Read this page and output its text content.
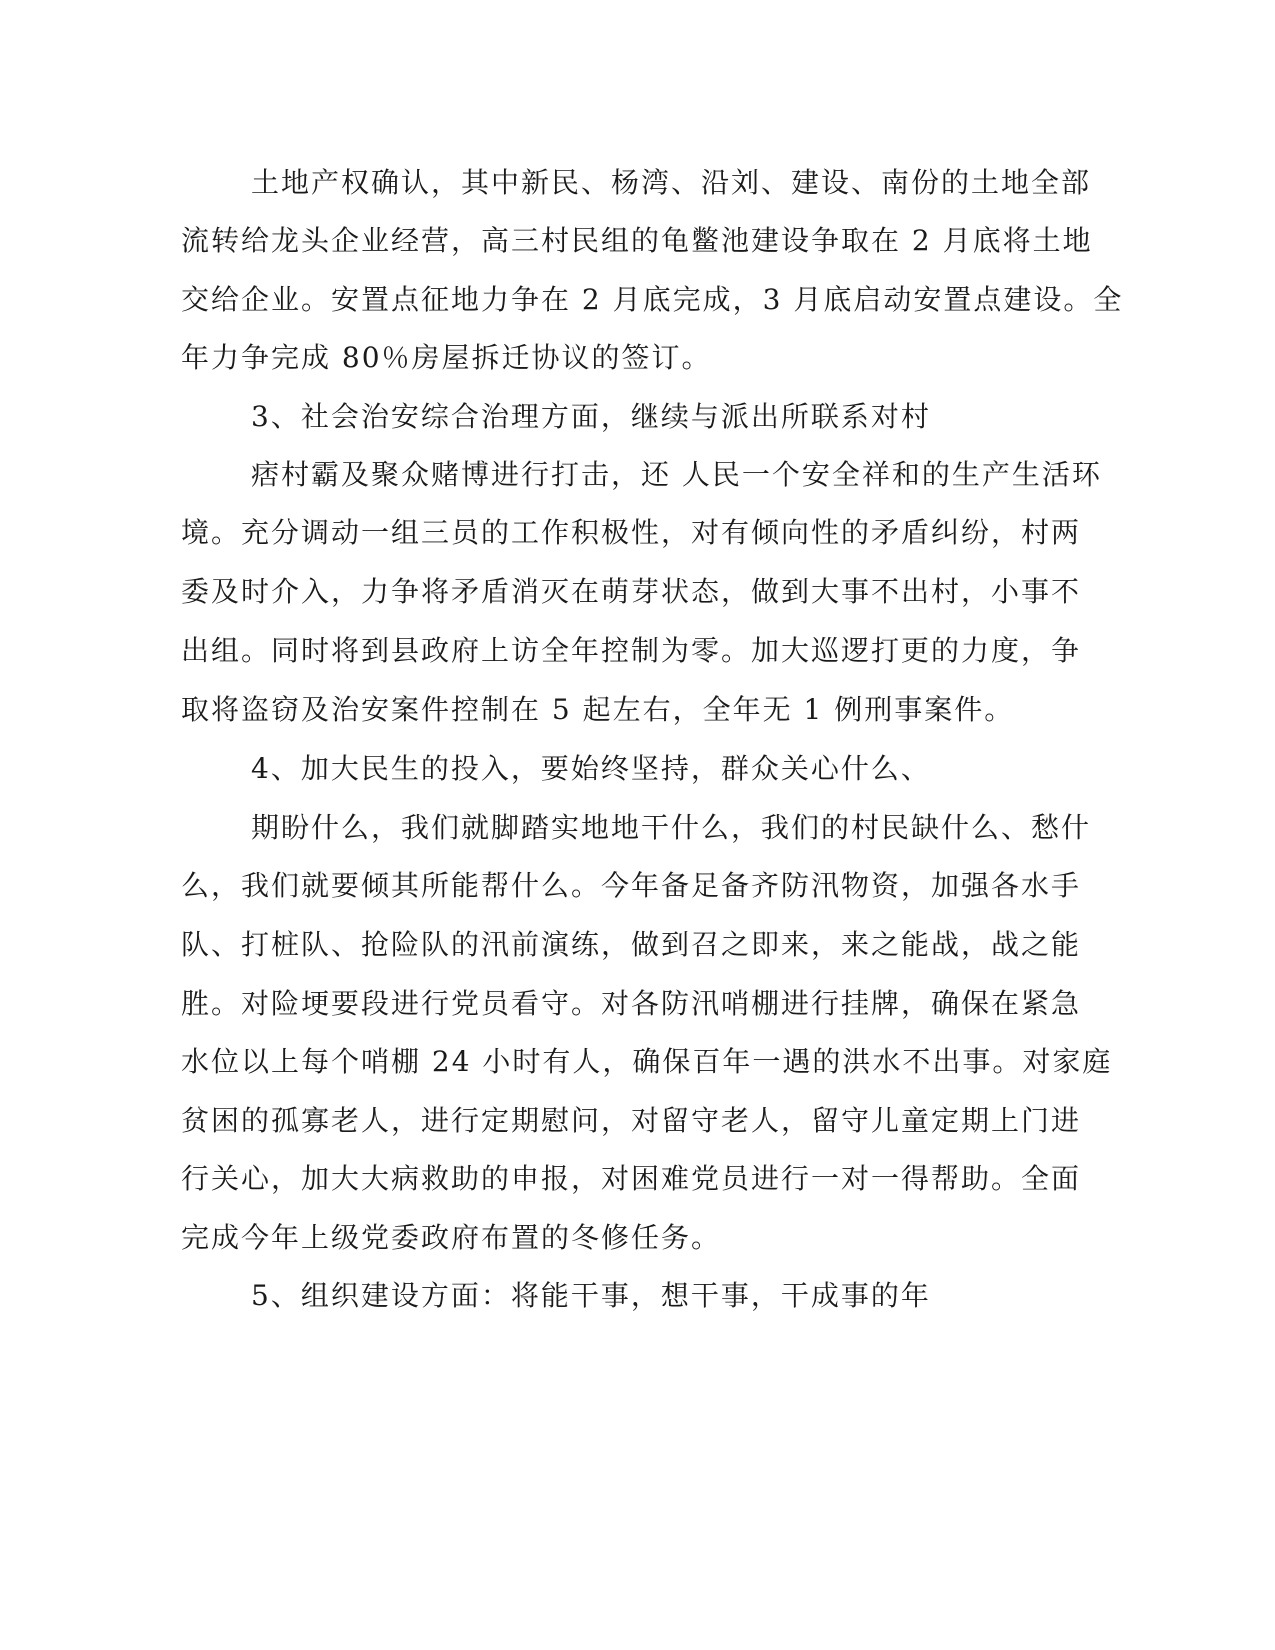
土地产权确认，其中新民、杨湾、沿刘、建设、南份的土地全部

流转给龙头企业经营，高三村民组的龟鳖池建设争取在 2 月底将土地

交给企业。安置点征地力争在 2 月底完成，3 月底启动安置点建设。全

年力争完成 80％房屋拆迁协议的签订。

3、社会治安综合治理方面，继续与派出所联系对村

痞村霸及聚众赌博进行打击，还 人民一个安全祥和的生产生活环

境。充分调动一组三员的工作积极性，对有倾向性的矛盾纠纷，村两

委及时介入，力争将矛盾消灭在萌芽状态，做到大事不出村，小事不

出组。同时将到县政府上访全年控制为零。加大巡逻打更的力度，争

取将盗窃及治安案件控制在 5 起左右，全年无 1 例刑事案件。

4、加大民生的投入，要始终坚持，群众关心什么、

期盼什么，我们就脚踏实地地干什么，我们的村民缺什么、愁什

么，我们就要倾其所能帮什么。今年备足备齐防汛物资，加强各水手

队、打桩队、抢险队的汛前演练，做到召之即来，来之能战，战之能

胜。对险埂要段进行党员看守。对各防汛哨棚进行挂牌，确保在紧急

水位以上每个哨棚 24 小时有人，确保百年一遇的洪水不出事。对家庭

贫困的孤寡老人，进行定期慰问，对留守老人，留守儿童定期上门进

行关心，加大大病救助的申报，对困难党员进行一对一得帮助。全面

完成今年上级党委政府布置的冬修任务。

5、组织建设方面：将能干事，想干事，干成事的年
